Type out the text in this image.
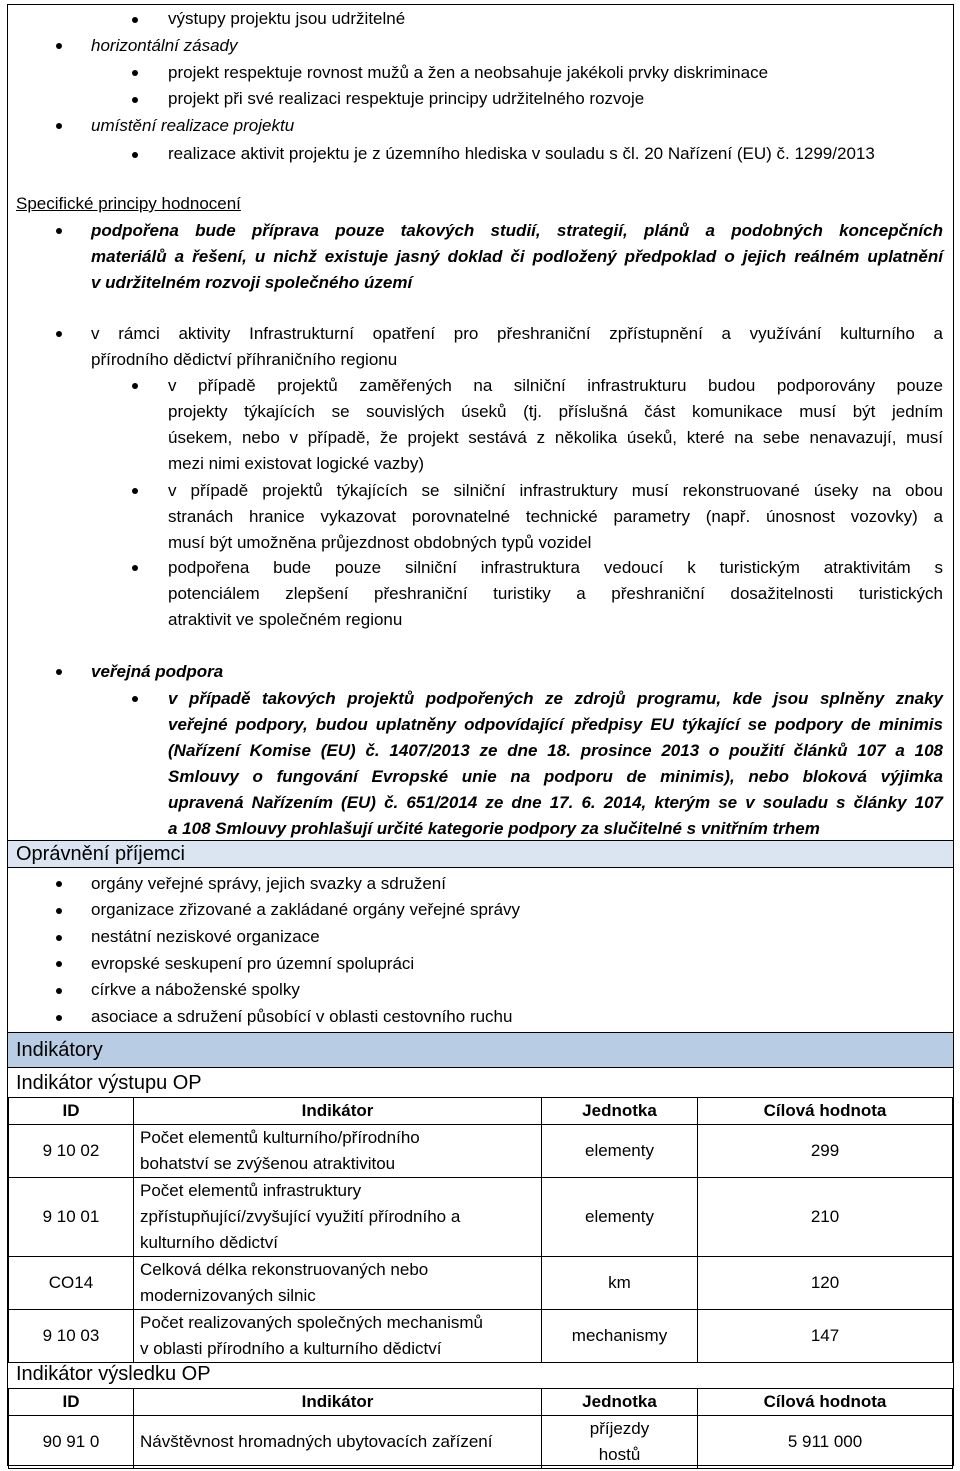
výstupy projektu jsou udržitelné
horizontální zásady
projekt respektuje rovnost mužů a žen a neobsahuje jakékoli prvky diskriminace
projekt při své realizaci respektuje principy udržitelného rozvoje
umístění realizace projektu
realizace aktivit projektu je z územního hlediska v souladu s čl. 20 Nařízení (EU) č. 1299/2013
Specifické principy hodnocení
podpořena bude příprava pouze takových studií, strategií, plánů a podobných koncepčních
materiálů a řešení, u nichž existuje jasný doklad či podložený předpoklad o jejich reálném uplatnění
v udržitelném rozvoji společného území
v rámci aktivity Infrastrukturní opatření pro přeshraniční zpřístupnění a využívání kulturního a
přírodního dědictví příhraničního regionu
v případě projektů zaměřených na silniční infrastrukturu budou podporovány pouze
projekty týkajících se souvislých úseků (tj. příslušná část komunikace musí být jedním
úsekem, nebo v případě, že projekt sestává z několika úseků, které na sebe nenavazují, musí
mezi nimi existovat logické vazby)
v případě projektů týkajících se silniční infrastruktury musí rekonstruované úseky na obou
stranách hranice vykazovat porovnatelné technické parametry (např. únosnost vozovky) a
musí být umožněna průjezdnost obdobných typů vozidel
podpořena bude pouze silniční infrastruktura vedoucí k turistickým atraktivitám s
potenciálem zlepšení přeshraniční turistiky a přeshraniční dosažitelnosti turistických
atraktivit ve společném regionu
veřejná podpora
v případě takových projektů podpořených ze zdrojů programu, kde jsou splněny znaky
veřejné podpory, budou uplatněny odpovídající předpisy EU týkající se podpory de minimis
(Nařízení Komise (EU) č. 1407/2013 ze dne 18. prosince 2013 o použití článků 107 a 108
Smlouvy o fungování Evropské unie na podporu de minimis), nebo bloková výjimka
upravená Nařízením (EU) č. 651/2014 ze dne 17. 6. 2014, kterým se v souladu s články 107
a 108 Smlouvy prohlašují určité kategorie podpory za slučitelné s vnitřním trhem
Oprávnění příjemci
orgány veřejné správy, jejich svazky a sdružení
organizace zřizované a zakládané orgány veřejné správy
nestátní neziskové organizace
evropské seskupení pro územní spolupráci
církve a náboženské spolky
asociace a sdružení působící v oblasti cestovního ruchu
Indikátory
Indikátor výstupu OP
ID	Indikátor	Jednotka	Cílová hodnota
9 10 02	Počet elementů kulturního/přírodního
bohatství se zvýšenou atraktivitou	elementy	299
9 10 01	Počet elementů infrastruktury
zpřístupňující/zvyšující využití přírodního a
kulturního dědictví	elementy	210
CO14	Celková délka rekonstruovaných nebo
modernizovaných silnic	km	120
9 10 03	Počet realizovaných společných mechanismů
v oblasti přírodního a kulturního dědictví	mechanismy	147
Indikátor výsledku OP
ID	Indikátor	Jednotka	Cílová hodnota
90 91 0	Návštěvnost hromadných ubytovacích zařízení	příjezdy
hostů	5 911 000
